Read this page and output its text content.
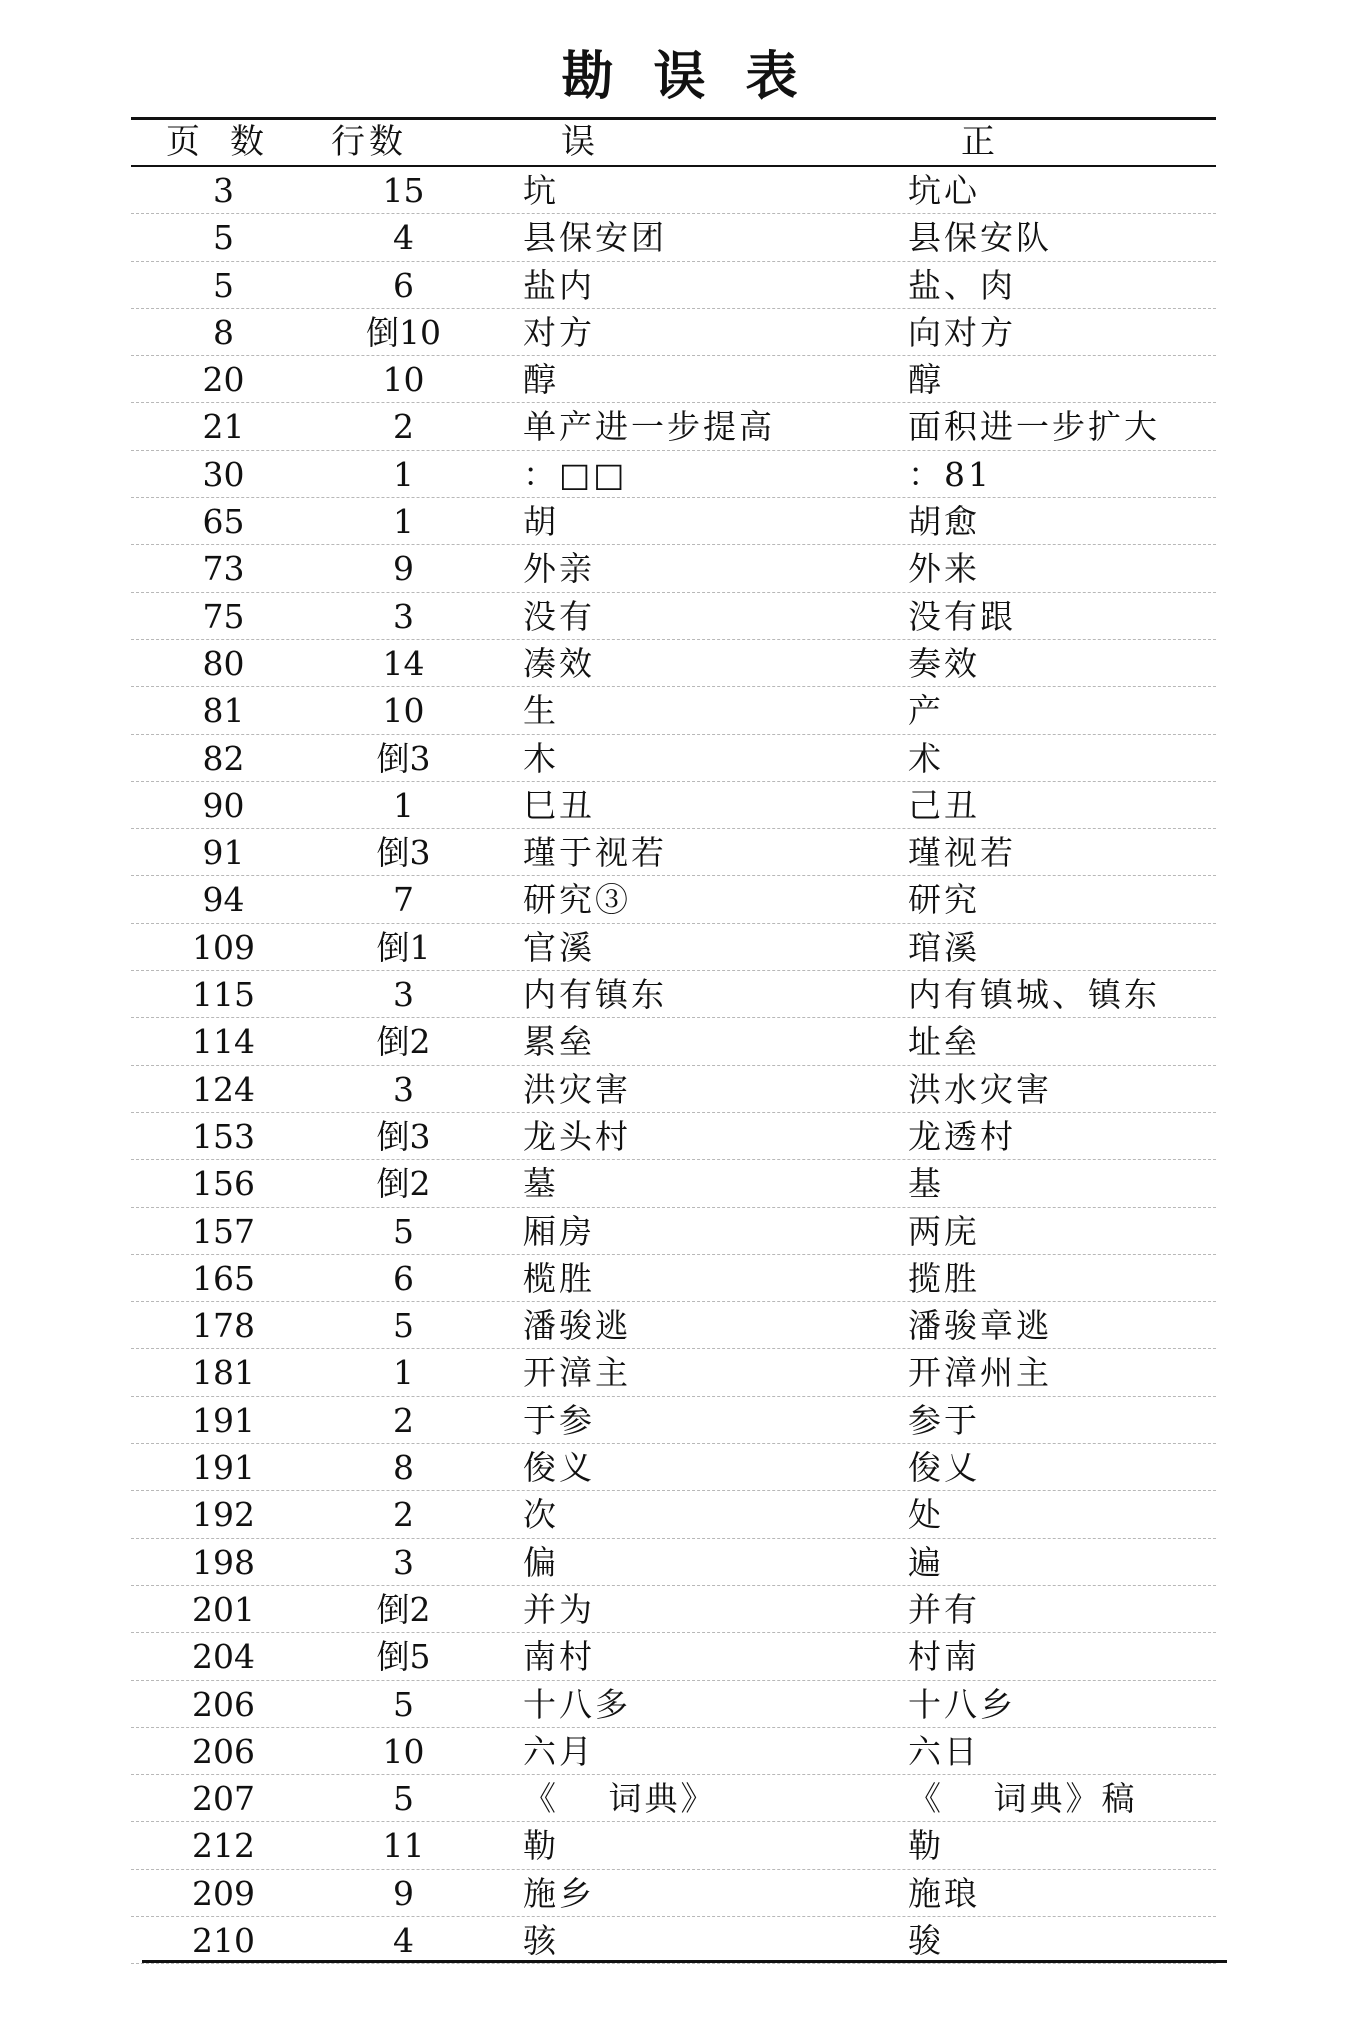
勘误表
页数 行数	误	正
3	15	坑	坑心
5	4	县保安团	县保安队
5	6	盐内	盐、肉
8	倒10	对方	向对方
20	10	醇	醇
21	2	单产进一步提高	面积进一步扩大
30	1	：□□	：81
65	1	胡	胡愈
73	9	外亲	外来
75	3	没有	没有跟
80	14	凑效	奏效
81	10	生	产
82	倒3	木	术
90	1	巳丑	己丑
91	倒3	瑾于视若	瑾视若
94	7	研究③	研究
109	倒1	官溪	琯溪
115	3	内有镇东	内有镇城、镇东
114	倒2	累垒	址垒
124	3	洪灾害	洪水灾害
153	倒3	龙头村	龙透村
156	倒2	墓	基
157	5	厢房	两庑
165	6	榄胜	揽胜
178	5	潘骏逃	潘骏章逃
181	1	开漳主	开漳州主
191	2	于参	参于
191	8	俊义	俊乂
192	2	次	处
198	3	偏	遍
201	倒2	并为	并有
204	倒5	南村	村南
206	5	十八多	十八乡
206	10	六月	六日
207	5	《　 词典》	《　 词典》稿
212	11	勒	勒
209	9	施乡	施琅
210	4	骇	骏
